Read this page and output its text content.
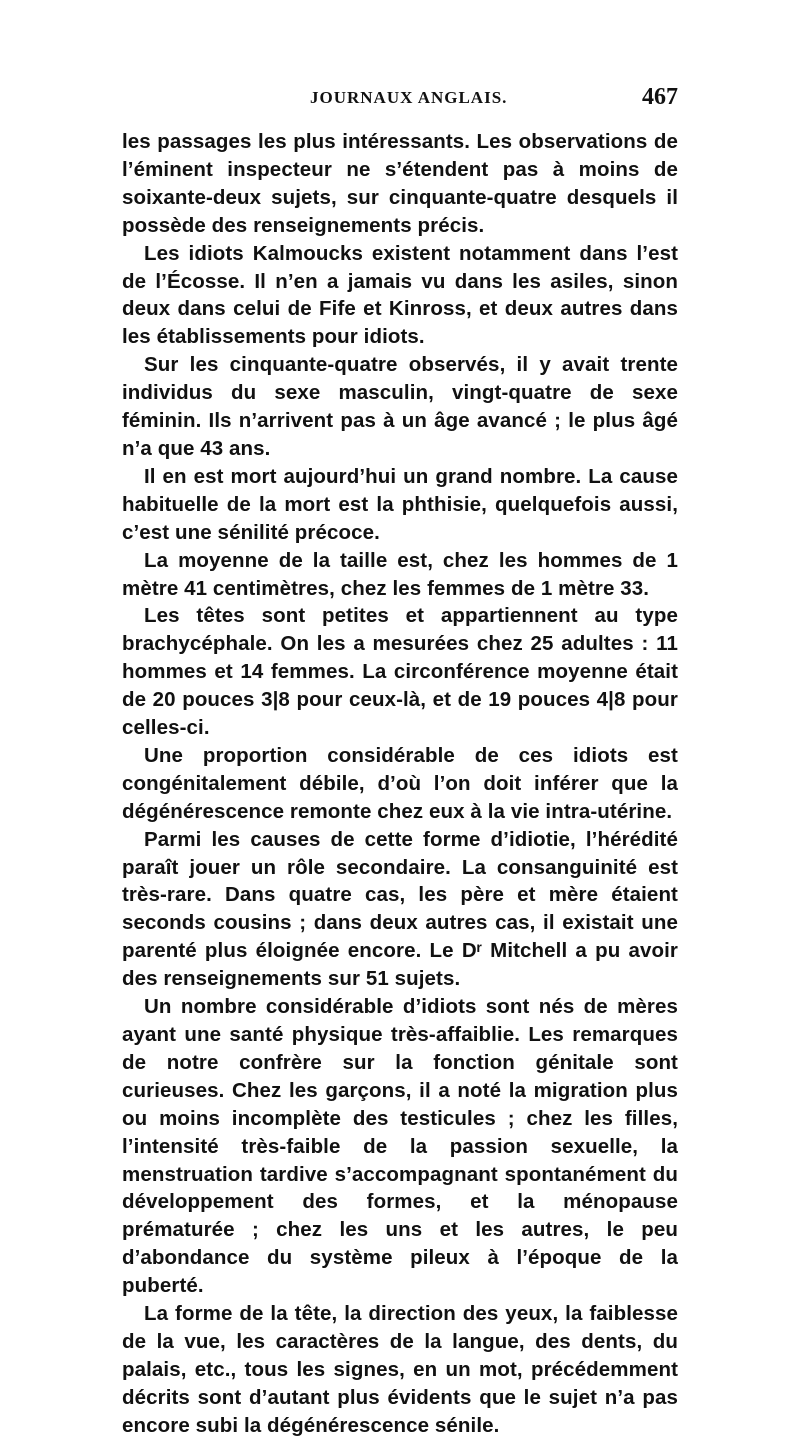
JOURNAUX ANGLAIS.	467

les passages les plus intéressants. Les observations de l’éminent inspecteur ne s’étendent pas à moins de soixante-deux sujets, sur cinquante-quatre desquels il possède des renseignements précis.

Les idiots Kalmoucks existent notamment dans l’est de l’Écosse. Il n’en a jamais vu dans les asiles, sinon deux dans celui de Fife et Kinross, et deux autres dans les établissements pour idiots.

Sur les cinquante-quatre observés, il y avait trente individus du sexe masculin, vingt-quatre de sexe féminin. Ils n’arrivent pas à un âge avancé ; le plus âgé n’a que 43 ans.

Il en est mort aujourd’hui un grand nombre. La cause habituelle de la mort est la phthisie, quelquefois aussi, c’est une sénilité précoce.

La moyenne de la taille est, chez les hommes de 1 mètre 41 centimètres, chez les femmes de 1 mètre 33.

Les têtes sont petites et appartiennent au type brachycéphale. On les a mesurées chez 25 adultes : 11 hommes et 14 femmes. La circonférence moyenne était de 20 pouces 3|8 pour ceux-là, et de 19 pouces 4|8 pour celles-ci.

Une proportion considérable de ces idiots est congénitalement débile, d’où l’on doit inférer que la dégénérescence remonte chez eux à la vie intra-utérine.

Parmi les causes de cette forme d’idiotie, l’hérédité paraît jouer un rôle secondaire. La consanguinité est très-rare. Dans quatre cas, les père et mère étaient seconds cousins ; dans deux autres cas, il existait une parenté plus éloignée encore. Le Dʳ Mitchell a pu avoir des renseignements sur 51 sujets.

Un nombre considérable d’idiots sont nés de mères ayant une santé physique très-affaiblie. Les remarques de notre confrère sur la fonction génitale sont curieuses. Chez les garçons, il a noté la migration plus ou moins incomplète des testicules ; chez les filles, l’intensité très-faible de la passion sexuelle, la menstruation tardive s’accompagnant spontanément du développement des formes, et la ménopause prématurée ; chez les uns et les autres, le peu d’abondance du système pileux à l’époque de la puberté.

La forme de la tête, la direction des yeux, la faiblesse de la vue, les caractères de la langue, des dents, du palais, etc., tous les signes, en un mot, précédemment décrits sont d’autant plus évidents que le sujet n’a pas encore subi la dégénérescence sénile.
